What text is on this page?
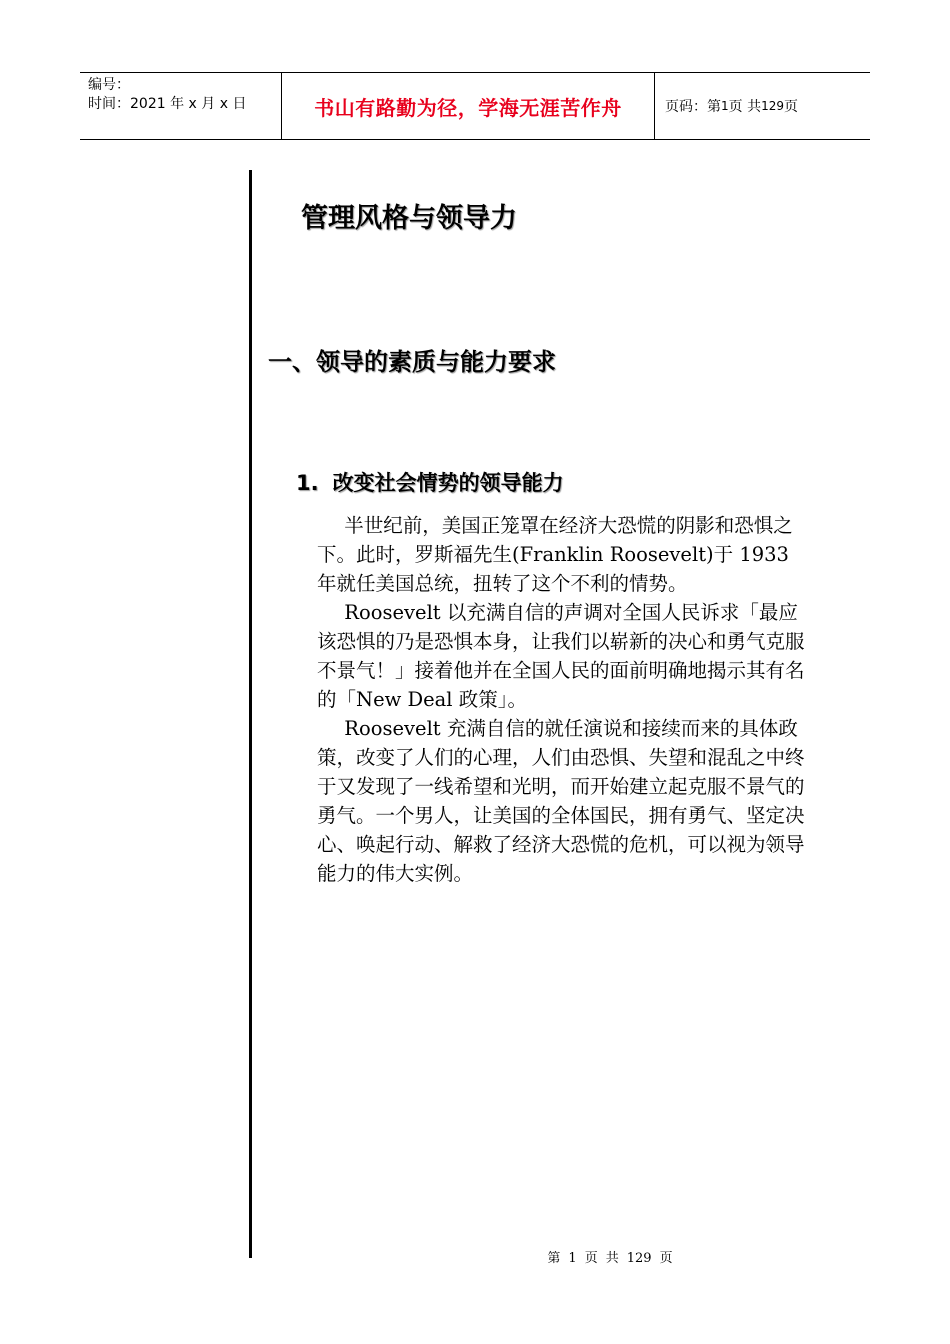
编号：
时间：2021 年 x 月 x 日	书山有路勤为径，学海无涯苦作舟	页码： 第 1 页 共 129 页
管理风格与领导力
一、领导的素质与能力要求
1. 改变社会情势的领导能力

半世纪前，美国正笼罩在经济大恐慌的阴影和恐惧之下。此时，罗斯福先生(Franklin Roosevelt)于 1933 年就任美国总统，扭转了这个不利的情势。

Roosevelt 以充满自信的声调对全国人民诉求「最应该恐惧的乃是恐惧本身，让我们以崭新的决心和勇气克服不景气！」接着他并在全国人民的面前明确地揭示其有名的「New Deal 政策」。

Roosevelt 充满自信的就任演说和接续而来的具体政策，改变了人们的心理，人们由恐惧、失望和混乱之中终于又发现了一线希望和光明，而开始建立起克服不景气的勇气。一个男人，让美国的全体国民，拥有勇气、坚定决心、唤起行动、解救了经济大恐慌的危机，可以视为领导能力的伟大实例。

第 1 页 共 129 页
